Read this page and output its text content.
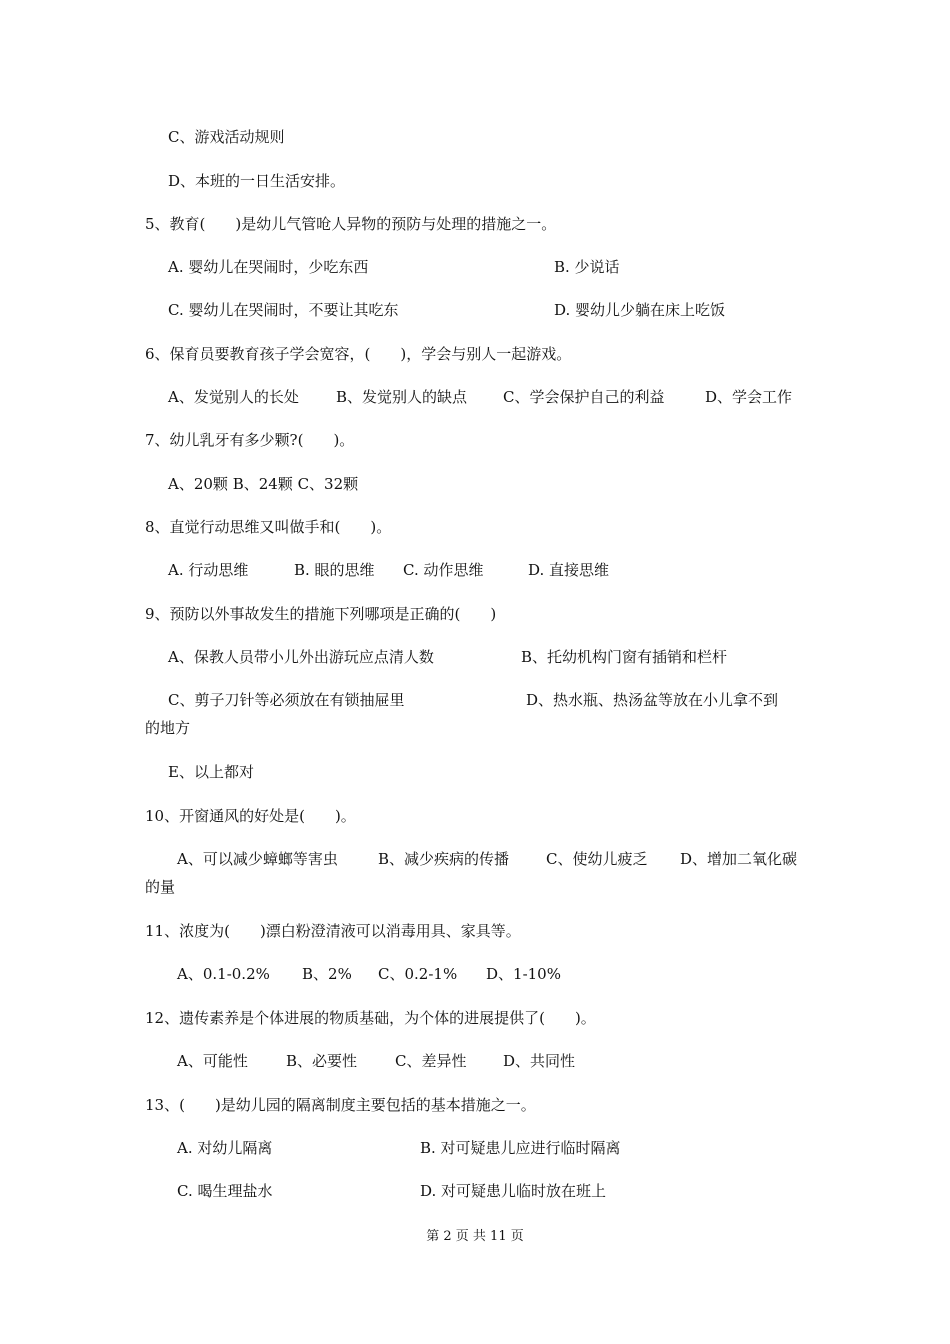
C、游戏活动规则
D、本班的一日生活安排。
5、教育(　　)是幼儿气管呛人异物的预防与处理的措施之一。
A. 婴幼儿在哭闹时，少吃东西	B. 少说话
C. 婴幼儿在哭闹时，不要让其吃东	D. 婴幼儿少躺在床上吃饭
6、保育员要教育孩子学会宽容，(　　)，学会与别人一起游戏。
A、发觉别人的长处 B、发觉别人的缺点 C、学会保护自己的利益	D、学会工作
7、幼儿乳牙有多少颗?(　　)。
A、20颗 B、24颗 C、32颗
8、直觉行动思维又叫做手和(　　)。
A. 行动思维	B. 眼的思维 C. 动作思维	D. 直接思维
9、预防以外事故发生的措施下列哪项是正确的(　　)
A、保教人员带小儿外出游玩应点清人数	B、托幼机构门窗有插销和栏杆
C、剪子刀针等必须放在有锁抽屉里	D、热水瓶、热汤盆等放在小儿拿不到
的地方
E、以上都对
10、开窗通风的好处是(　　)。
A、可以减少蟑螂等害虫	B、减少疾病的传播 C、使幼儿疲乏 D、增加二氧化碳
的量
11、浓度为(　　)漂白粉澄清液可以消毒用具、家具等。
A、0.1-0.2% B、2% C、0.2-1% D、1-10%
12、遗传素养是个体进展的物质基础，为个体的进展提供了(　　)。
A、可能性	B、必要性	C、差异性 D、共同性
13、(　　)是幼儿园的隔离制度主要包括的基本措施之一。
A. 对幼儿隔离	B. 对可疑患儿应进行临时隔离
C. 喝生理盐水	D. 对可疑患儿临时放在班上
第 2 页 共 11 页
